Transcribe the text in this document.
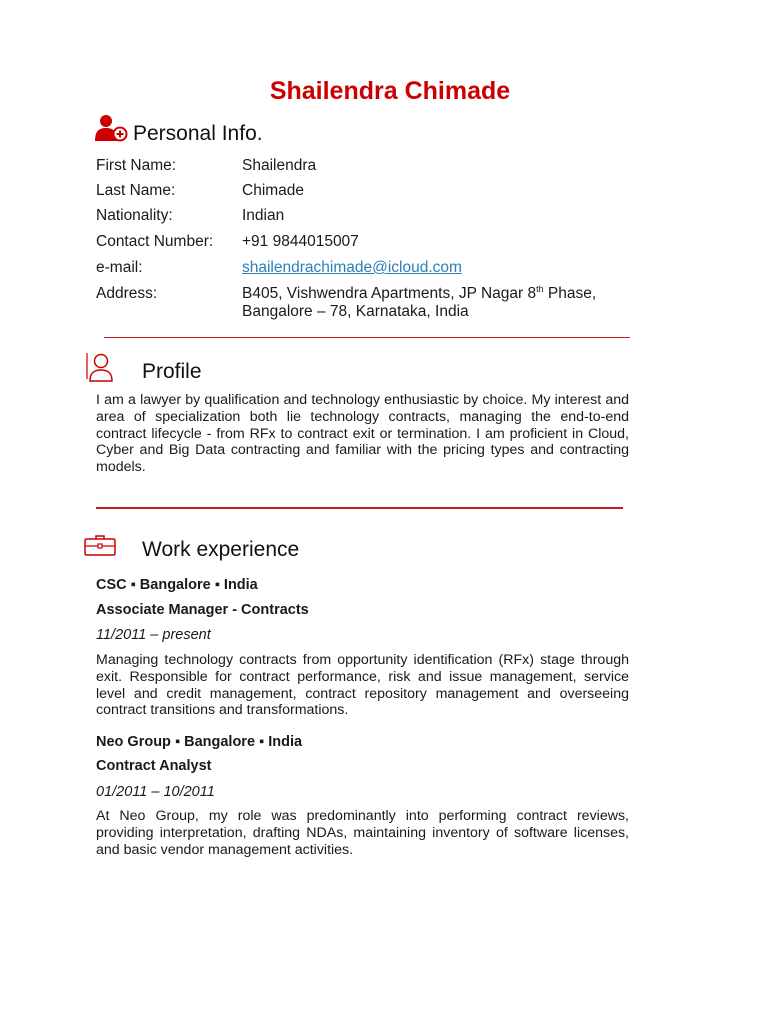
Shailendra Chimade
Personal Info.
First Name:	Shailendra
Last Name:	Chimade
Nationality:	Indian
Contact Number: +91 9844015007
e-mail:	shailendrachimade@icloud.com
Address:	B405, Vishwendra Apartments, JP Nagar 8th Phase,
Bangalore – 78, Karnataka, India
Profile
I am a lawyer by qualification and technology enthusiastic by choice. My interest and area of specialization both lie technology contracts, managing the end-to-end contract lifecycle - from RFx to contract exit or termination. I am proficient in Cloud, Cyber and Big Data contracting and familiar with the pricing types and contracting models.
Work experience
CSC ▪ Bangalore ▪ India
Associate Manager - Contracts
11/2011 – present
Managing technology contracts from opportunity identification (RFx) stage through exit. Responsible for contract performance, risk and issue management, service level and credit management, contract repository management and overseeing contract transitions and transformations.
Neo Group ▪ Bangalore ▪ India
Contract Analyst
01/2011 – 10/2011
At Neo Group, my role was predominantly into performing contract reviews, providing interpretation, drafting NDAs, maintaining inventory of software licenses, and basic vendor management activities.
